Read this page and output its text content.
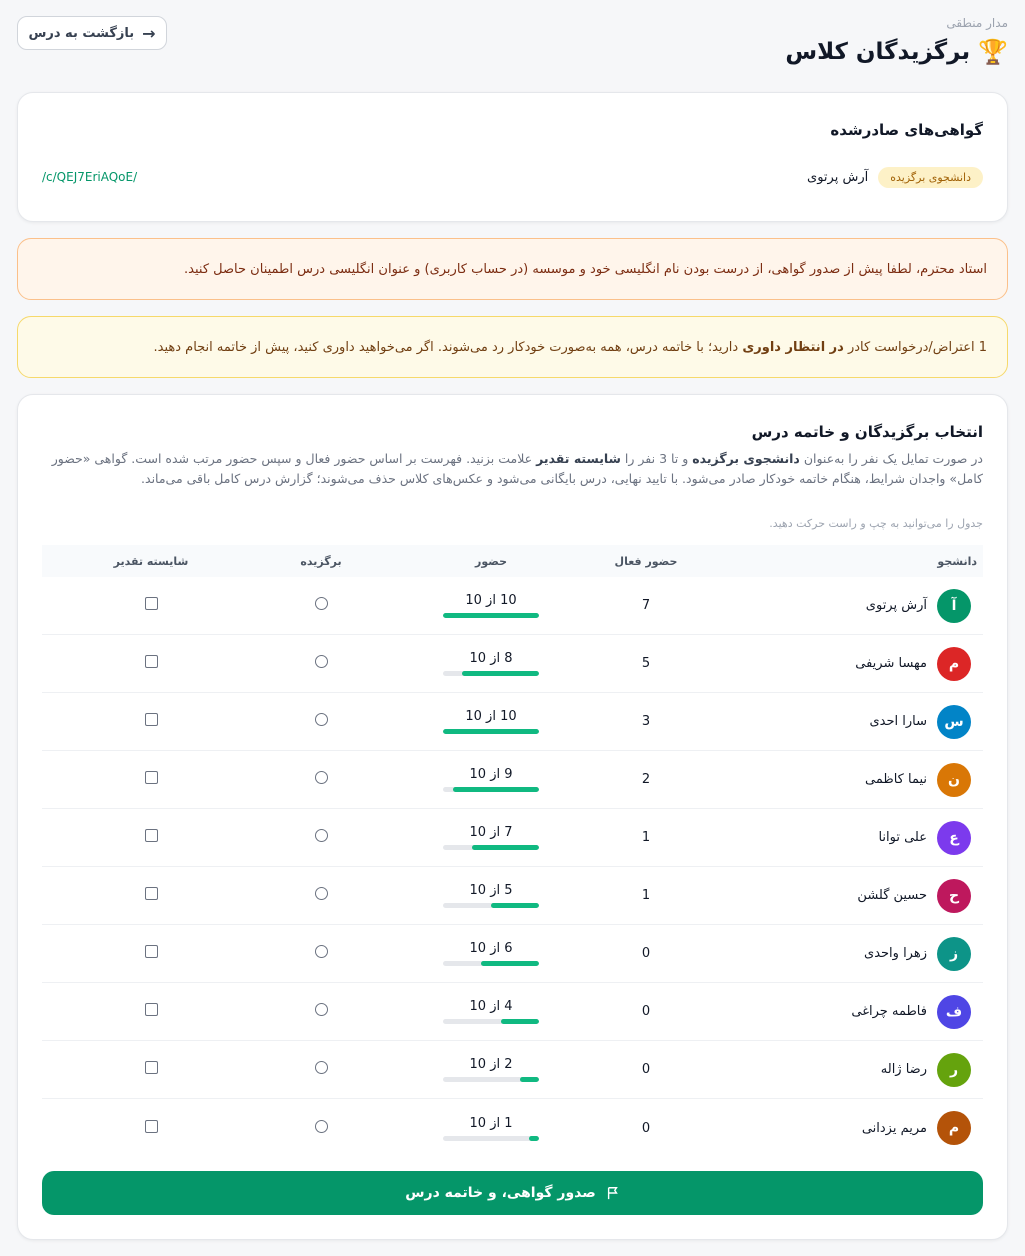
مدار منطقی
🏆
برگزیدگان کلاس
→
بازگشت به درس
گواهی‌های صادرشده
دانشجوی برگزیده
آرش پرتوی
/c/QEJ7EriAQoE/
استاد محترم، لطفا پیش از صدور گواهی، از درست بودن نام انگلیسی خود و موسسه (در حساب کاربری) و عنوان انگلیسی درس اطمینان حاصل کنید.
1 اعتراض/درخواست کادر در انتظار داوری دارید؛ با خاتمه درس، همه به‌صورت خودکار رد می‌شوند. اگر می‌خواهید داوری کنید، پیش از خاتمه انجام دهید.
انتخاب برگزیدگان و خاتمه درس
در صورت تمایل یک نفر را به‌عنوان دانشجوی برگزیده و تا 3 نفر را شایسته تقدیر علامت بزنید. فهرست بر اساس حضور فعال و سپس حضور مرتب شده است. گواهی «حضور کامل» واجدان شرایط، هنگام خاتمه خودکار صادر می‌شود. با تایید نهایی، درس بایگانی می‌شود و عکس‌های کلاس حذف می‌شوند؛ گزارش درس کامل باقی می‌ماند.
جدول را می‌توانید به چپ و راست حرکت دهید.
دانشجو
حضور فعال
حضور
برگزیده
شایسته تقدیر
آ
آرش پرتوی
7
10 از 10
م
مهسا شریفی
5
8 از 10
س
سارا احدی
3
10 از 10
ن
نیما کاظمی
2
9 از 10
ع
علی توانا
1
7 از 10
ح
حسین گلشن
1
5 از 10
ز
زهرا واحدی
0
6 از 10
ف
فاطمه چراغی
0
4 از 10
ر
رضا ژاله
0
2 از 10
م
مریم یزدانی
0
1 از 10
صدور گواهی، و خاتمه درس
